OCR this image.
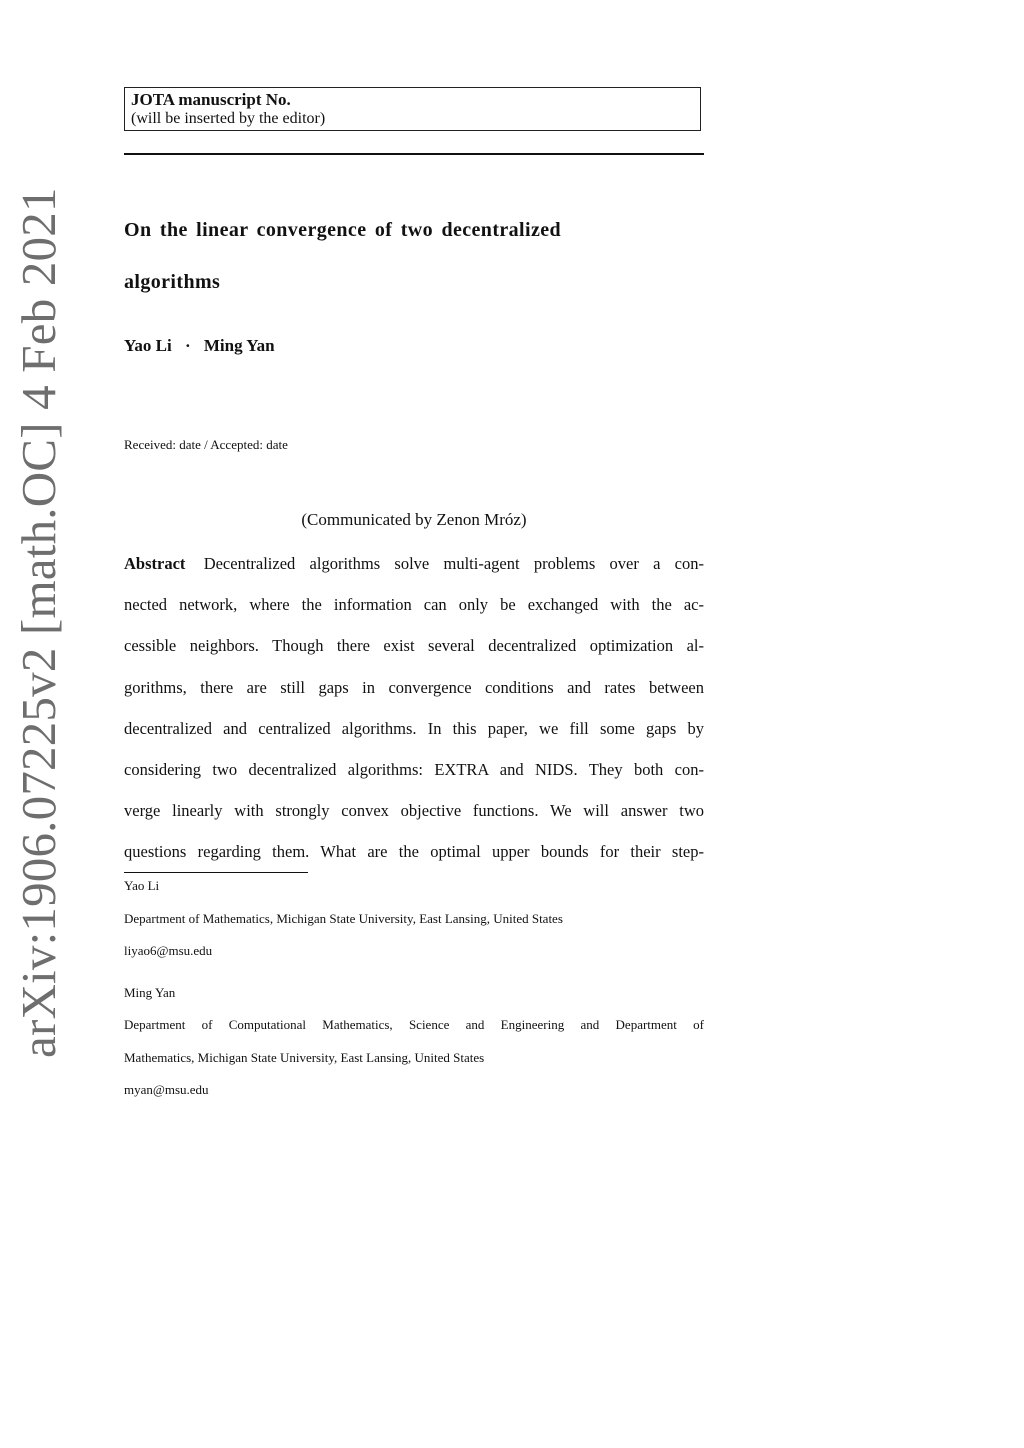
arXiv:1906.07225v2 [math.OC] 4 Feb 2021
JOTA manuscript No.
(will be inserted by the editor)
On the linear convergence of two decentralized
algorithms
Yao Li · Ming Yan
Received: date / Accepted: date
(Communicated by Zenon Mróz)
Abstract Decentralized algorithms solve multi-agent problems over a con-
nected network, where the information can only be exchanged with the ac-
cessible neighbors. Though there exist several decentralized optimization al-
gorithms, there are still gaps in convergence conditions and rates between
decentralized and centralized algorithms. In this paper, we fill some gaps by
considering two decentralized algorithms: EXTRA and NIDS. They both con-
verge linearly with strongly convex objective functions. We will answer two
questions regarding them. What are the optimal upper bounds for their step-
Yao Li
Department of Mathematics, Michigan State University, East Lansing, United States
liyao6@msu.edu
Ming Yan
Department of Computational Mathematics, Science and Engineering and Department of
Mathematics, Michigan State University, East Lansing, United States
myan@msu.edu
